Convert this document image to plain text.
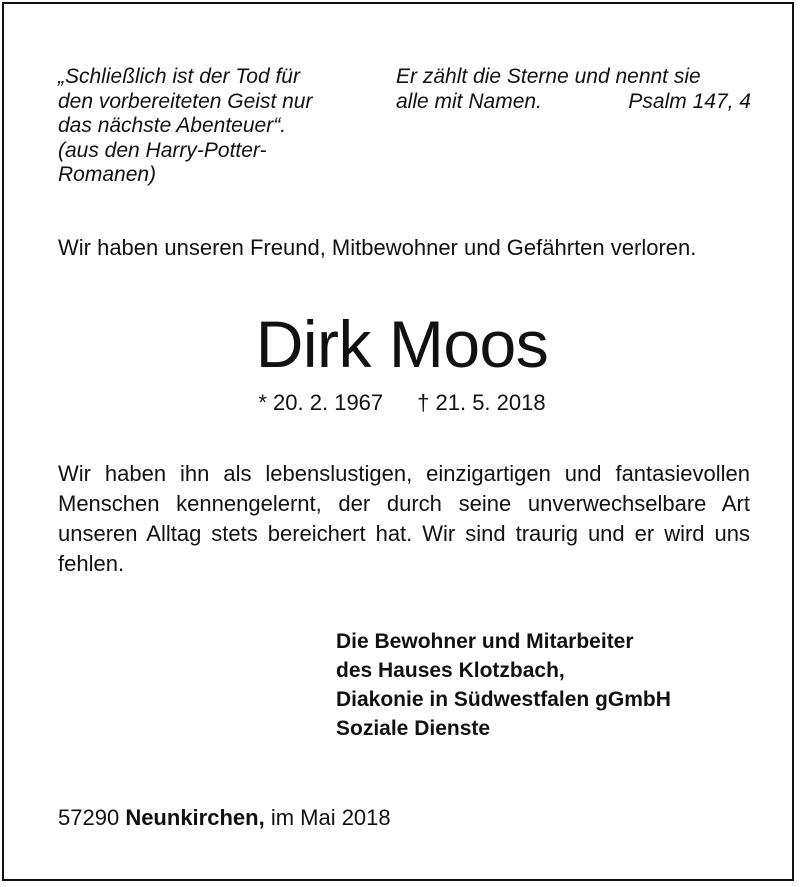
„Schließlich ist der Tod für
den vorbereiteten Geist nur
das nächste Abenteuer“.
(aus den Harry-Potter-
Romanen)
Er zählt die Sterne und nennt sie
alle mit Namen.	Psalm 147, 4

Wir haben unseren Freund, Mitbewohner und Gefährten verloren.

Dirk Moos
* 20. 2. 1967 † 21. 5. 2018

Wir haben ihn als lebenslustigen, einzigartigen und fantasievollen Menschen kennengelernt, der durch seine unverwechselbare Art unseren Alltag stets bereichert hat. Wir sind traurig und er wird uns fehlen.

Die Bewohner und Mitarbeiter
des Hauses Klotzbach,
Diakonie in Südwestfalen gGmbH
Soziale Dienste
57290 Neunkirchen, im Mai 2018
